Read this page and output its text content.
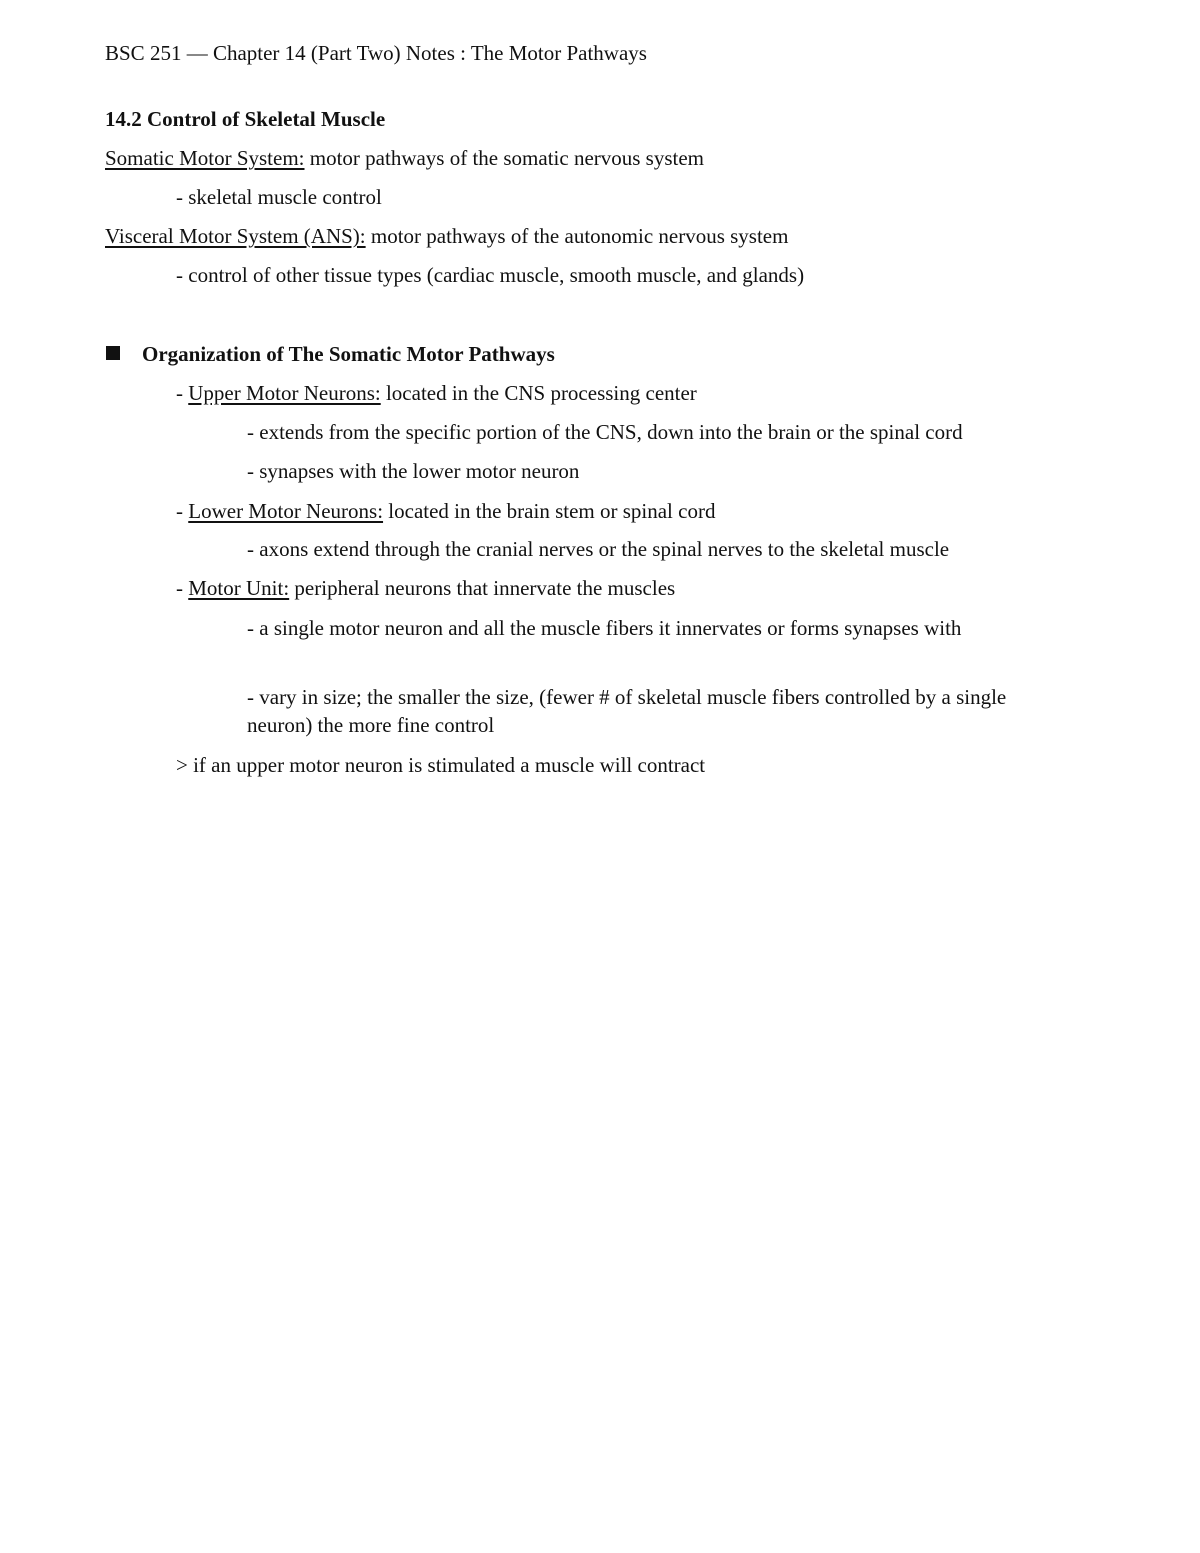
BSC 251 — Chapter 14 (Part Two) Notes : The Motor Pathways
14.2 Control of Skeletal Muscle
Somatic Motor System: motor pathways of the somatic nervous system
- skeletal muscle control
Visceral Motor System (ANS): motor pathways of the autonomic nervous system
- control of other tissue types (cardiac muscle, smooth muscle, and glands)
Organization of The Somatic Motor Pathways
- Upper Motor Neurons: located in the CNS processing center
- extends from the specific portion of the CNS, down into the brain or the spinal cord
- synapses with the lower motor neuron
- Lower Motor Neurons: located in the brain stem or spinal cord
- axons extend through the cranial nerves or the spinal nerves to the skeletal muscle
- Motor Unit: peripheral neurons that innervate the muscles
- a single motor neuron and all the muscle fibers it innervates or forms synapses with
- vary in size; the smaller the size, (fewer # of skeletal muscle fibers controlled by a single neuron) the more fine control
> if an upper motor neuron is stimulated a muscle will contract
